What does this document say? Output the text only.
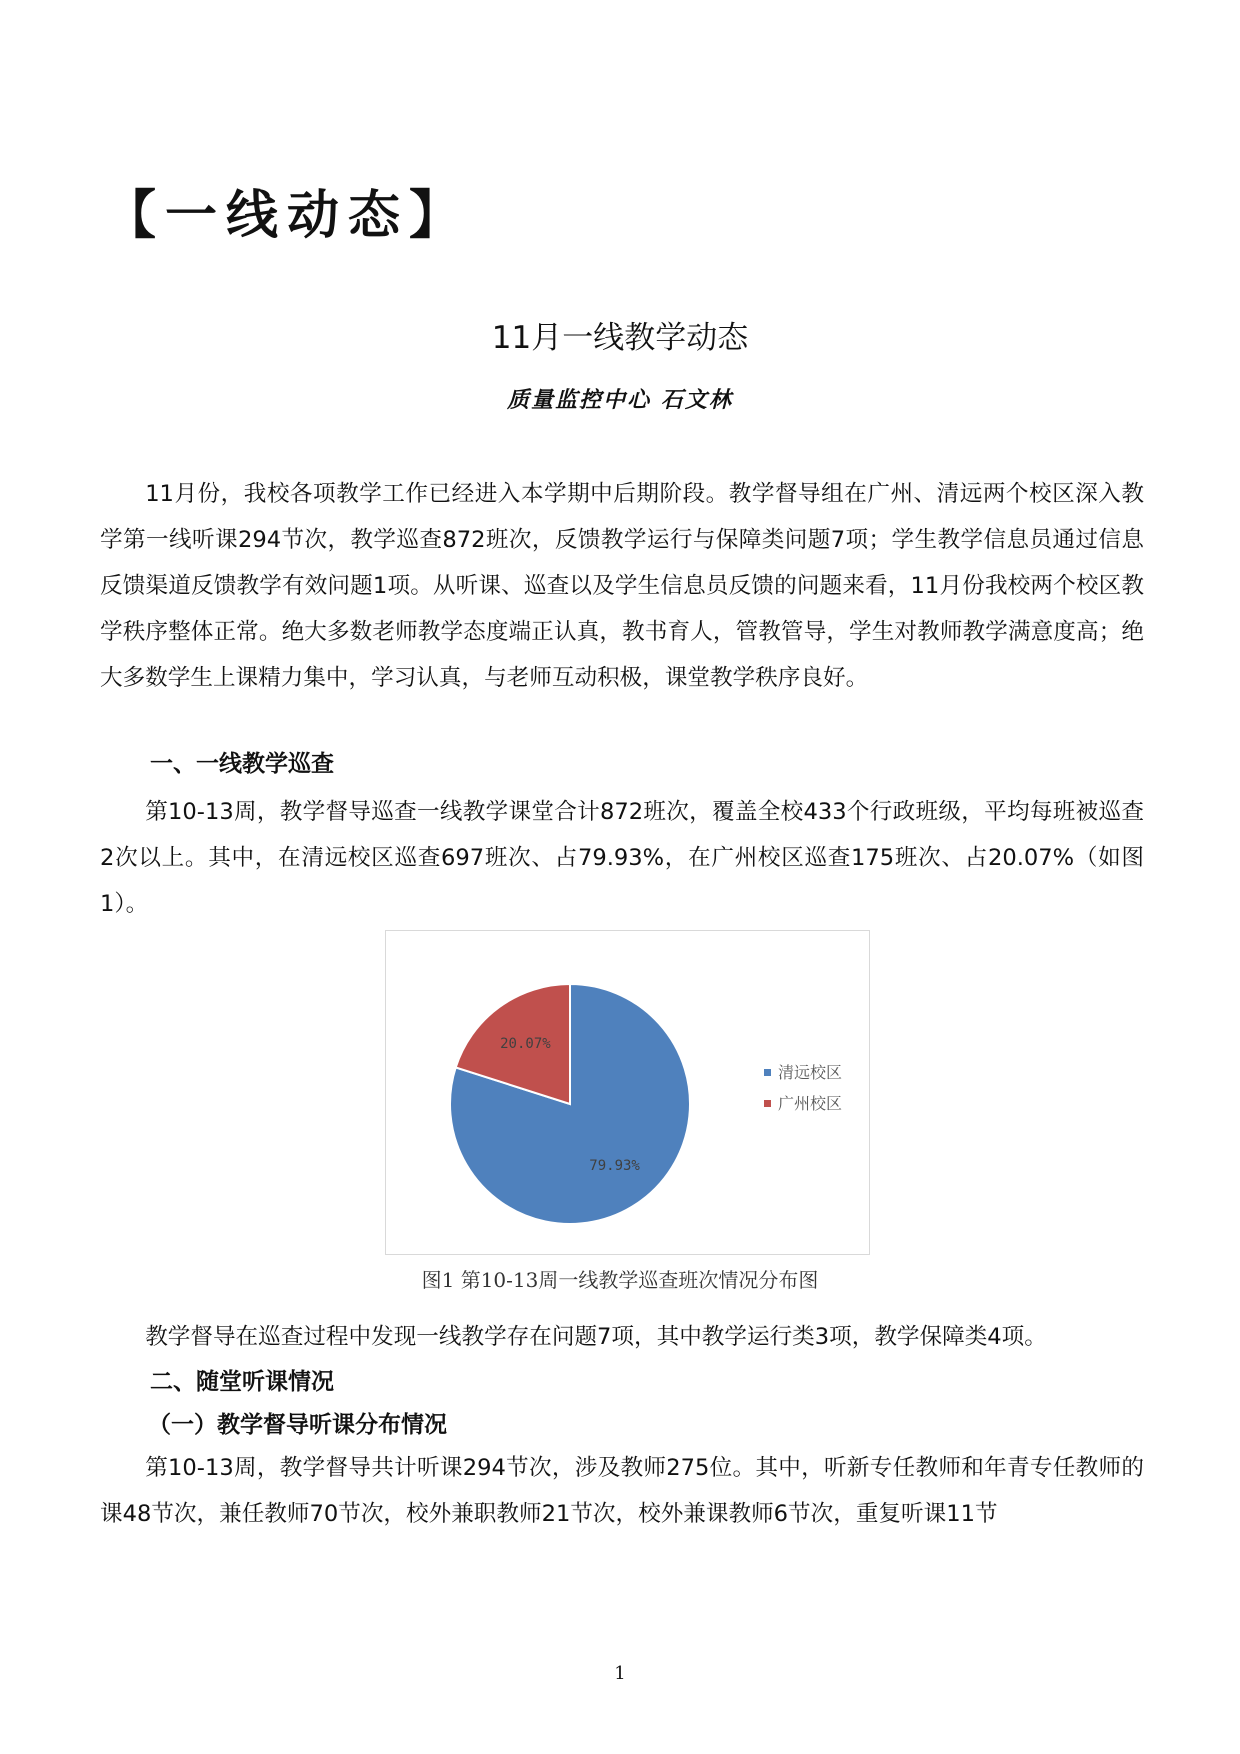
【一线动态】
11月一线教学动态
质量监控中心 石文林

11月份，我校各项教学工作已经进入本学期中后期阶段。教学督导组在广州、清远两个校区深入教学第一线听课294节次，教学巡查872班次，反馈教学运行与保障类问题7项；学生教学信息员通过信息反馈渠道反馈教学有效问题1项。从听课、巡查以及学生信息员反馈的问题来看，11月份我校两个校区教学秩序整体正常。绝大多数老师教学态度端正认真，教书育人，管教管导，学生对教师教学满意度高；绝大多数学生上课精力集中，学习认真，与老师互动积极，课堂教学秩序良好。

一、一线教学巡查

第10-13周，教学督导巡查一线教学课堂合计872班次，覆盖全校433个行政班级，平均每班被巡查2次以上。其中，在清远校区巡查697班次、占79.93%，在广州校区巡查175班次、占20.07%（如图1）。

79.93%
20.07%
清远校区
广州校区
图1 第10-13周一线教学巡查班次情况分布图

教学督导在巡查过程中发现一线教学存在问题7项，其中教学运行类3项，教学保障类4项。

二、随堂听课情况
（一）教学督导听课分布情况

第10-13周，教学督导共计听课294节次，涉及教师275位。其中，听新专任教师和年青专任教师的课48节次，兼任教师70节次，校外兼职教师21节次，校外兼课教师6节次，重复听课11节

1
